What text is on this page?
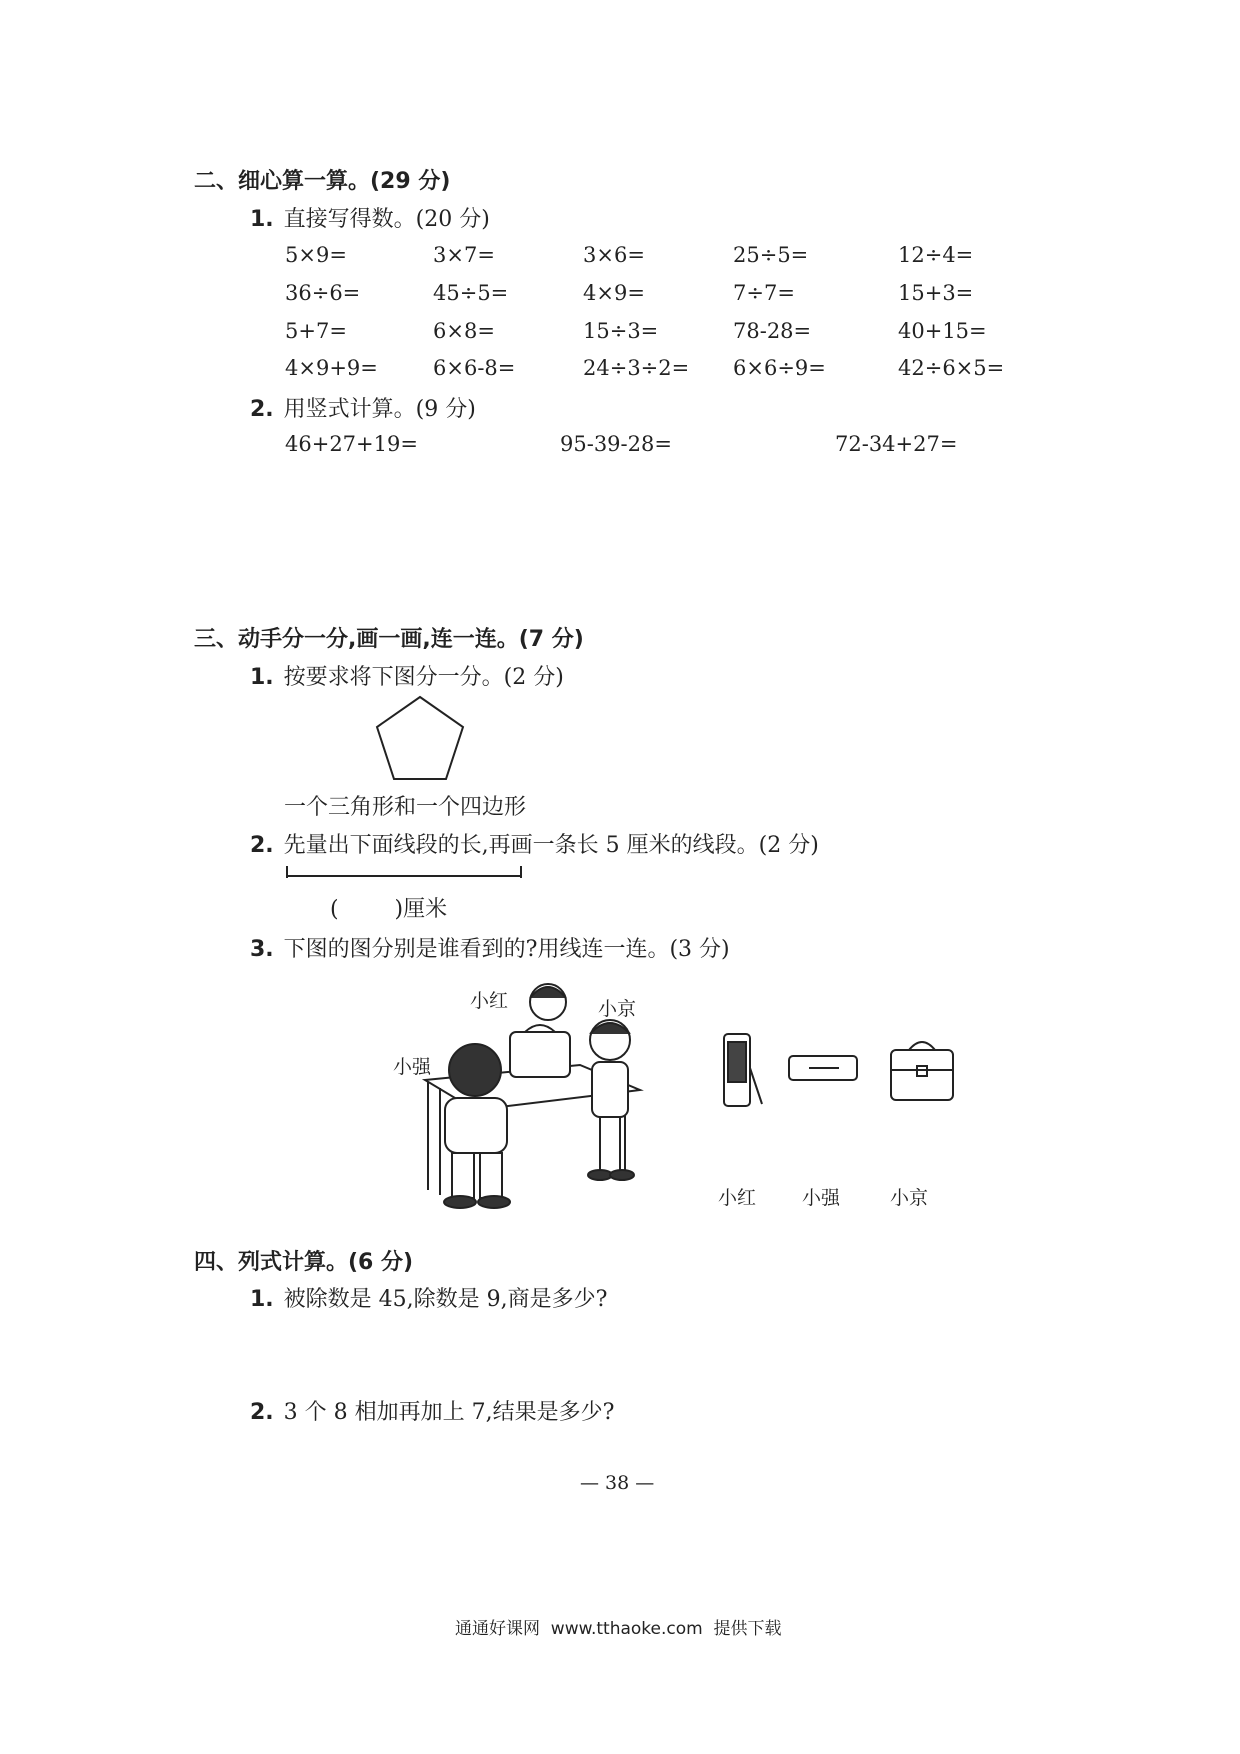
二、细心算一算。(29 分)
1. 直接写得数。(20 分)
5×9=	3×7=	3×6=	25÷5=	12÷4=
36÷6=	45÷5=	4×9=	7÷7=	15+3=
5+7=	6×8=	15÷3=	78-28=	40+15=
4×9+9=	6×6-8=	24÷3÷2= 6×6÷9=	42÷6×5=
2. 用竖式计算。(9 分)
46+27+19=	95-39-28=	72-34+27=
三、动手分一分,画一画,连一连。(7 分)
1. 按要求将下图分一分。(2 分)
一个三角形和一个四边形
2. 先量出下面线段的长,再画一条长 5 厘米的线段。(2 分)
(        )厘米
3. 下图的图分别是谁看到的?用线连一连。(3 分)
小红	小京
小强
小红 小强	小京
四、列式计算。(6 分)
1. 被除数是 45,除数是 9,商是多少?
2. 3 个 8 相加再加上 7,结果是多少?
— 38 —
通通好课网  www.tthaoke.com  提供下载
